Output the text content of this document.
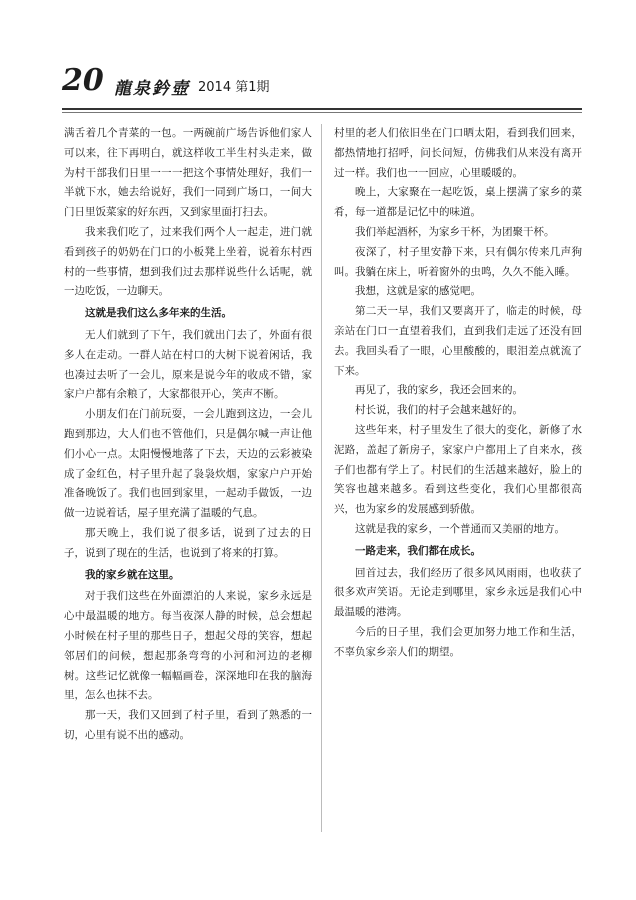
20 龍泉鈐壺 2014 第1期

满舌着几个青菜的一包。一两碗前广场告诉他们家人可以来，往下再明白，就这样收工半生村头走来，做为村干部我们日里一一一把这个事情处理好，我们一半就下水，她去给说好，我们一同到广场口，一间大门日里饭菜家的好东西，又到家里面打扫去。

我来我们吃了，过来我们两个人一起走，进门就看到孩子的奶奶在门口的小板凳上坐着，说着东村西村的一些事情，想到我们过去那样说些什么话呢，就一边吃饭，一边聊天。

这就是我们这么多年来的生活。

无人们就到了下午，我们就出门去了，外面有很多人在走动。一群人站在村口的大树下说着闲话，我也凑过去听了一会儿，原来是说今年的收成不错，家家户户都有余粮了，大家都很开心，笑声不断。

小朋友们在门前玩耍，一会儿跑到这边，一会儿跑到那边，大人们也不管他们，只是偶尔喊一声让他们小心一点。太阳慢慢地落了下去，天边的云彩被染成了金红色，村子里升起了袅袅炊烟，家家户户开始准备晚饭了。我们也回到家里，一起动手做饭，一边做一边说着话，屋子里充满了温暖的气息。

那天晚上，我们说了很多话，说到了过去的日子，说到了现在的生活，也说到了将来的打算。

我的家乡就在这里。

对于我们这些在外面漂泊的人来说，家乡永远是心中最温暖的地方。每当夜深人静的时候，总会想起小时候在村子里的那些日子，想起父母的笑容，想起邻居们的问候，想起那条弯弯的小河和河边的老柳树。这些记忆就像一幅幅画卷，深深地印在我的脑海里，怎么也抹不去。

那一天，我们又回到了村子里，看到了熟悉的一切，心里有说不出的感动。

村里的老人们依旧坐在门口晒太阳，看到我们回来，都热情地打招呼，问长问短，仿佛我们从来没有离开过一样。我们也一一回应，心里暖暖的。

晚上，大家聚在一起吃饭，桌上摆满了家乡的菜肴，每一道都是记忆中的味道。

我们举起酒杯，为家乡干杯，为团聚干杯。

夜深了，村子里安静下来，只有偶尔传来几声狗叫。我躺在床上，听着窗外的虫鸣，久久不能入睡。

我想，这就是家的感觉吧。

第二天一早，我们又要离开了，临走的时候，母亲站在门口一直望着我们，直到我们走远了还没有回去。我回头看了一眼，心里酸酸的，眼泪差点就流了下来。

再见了，我的家乡，我还会回来的。

村长说，我们的村子会越来越好的。

这些年来，村子里发生了很大的变化，新修了水泥路，盖起了新房子，家家户户都用上了自来水，孩子们也都有学上了。村民们的生活越来越好，脸上的笑容也越来越多。看到这些变化，我们心里都很高兴，也为家乡的发展感到骄傲。

这就是我的家乡，一个普通而又美丽的地方。

一路走来，我们都在成长。

回首过去，我们经历了很多风风雨雨，也收获了很多欢声笑语。无论走到哪里，家乡永远是我们心中最温暖的港湾。

今后的日子里，我们会更加努力地工作和生活，不辜负家乡亲人们的期望。
